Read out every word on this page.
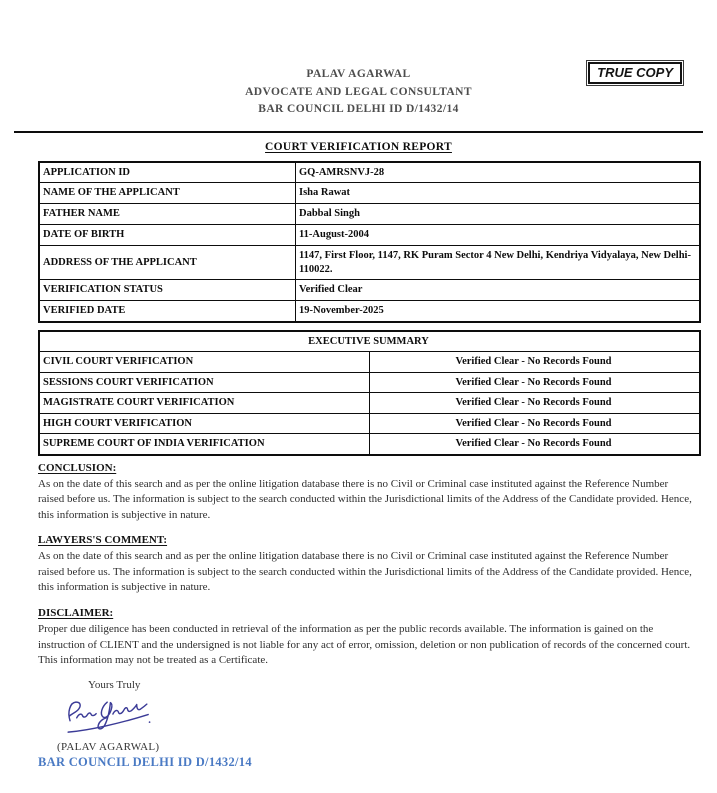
TRUE COPY
PALAV AGARWAL
ADVOCATE AND LEGAL CONSULTANT
BAR COUNCIL DELHI ID D/1432/14
COURT VERIFICATION REPORT
APPLICATION ID	GQ-AMRSNVJ-28
NAME OF THE APPLICANT	Isha Rawat
FATHER NAME	Dabbal Singh
DATE OF BIRTH	11-August-2004
ADDRESS OF THE APPLICANT	1147, First Floor, 1147, RK Puram Sector 4 New Delhi, Kendriya Vidyalaya, New Delhi-110022.
VERIFICATION STATUS	Verified Clear
VERIFIED DATE	19-November-2025
EXECUTIVE SUMMARY	
CIVIL COURT VERIFICATION	Verified Clear - No Records Found
SESSIONS COURT VERIFICATION	Verified Clear - No Records Found
MAGISTRATE COURT VERIFICATION	Verified Clear - No Records Found
HIGH COURT VERIFICATION	Verified Clear - No Records Found
SUPREME COURT OF INDIA VERIFICATION	Verified Clear - No Records Found
CONCLUSION:
As on the date of this search and as per the online litigation database there is no Civil or Criminal case instituted against the Reference Number raised before us. The information is subject to the search conducted within the Jurisdictional limits of the Address of the Candidate provided. Hence, this information is subjective in nature.
LAWYERS'S COMMENT:
As on the date of this search and as per the online litigation database there is no Civil or Criminal case instituted against the Reference Number raised before us. The information is subject to the search conducted within the Jurisdictional limits of the Address of the Candidate provided. Hence, this information is subjective in nature.
DISCLAIMER:
Proper due diligence has been conducted in retrieval of the information as per the public records available. The information is gained on the instruction of CLIENT and the undersigned is not liable for any act of error, omission, deletion or non publication of records of the concerned court. This information may not be treated as a Certificate.
Yours Truly
(PALAV AGARWAL)
BAR COUNCIL DELHI ID D/1432/14
